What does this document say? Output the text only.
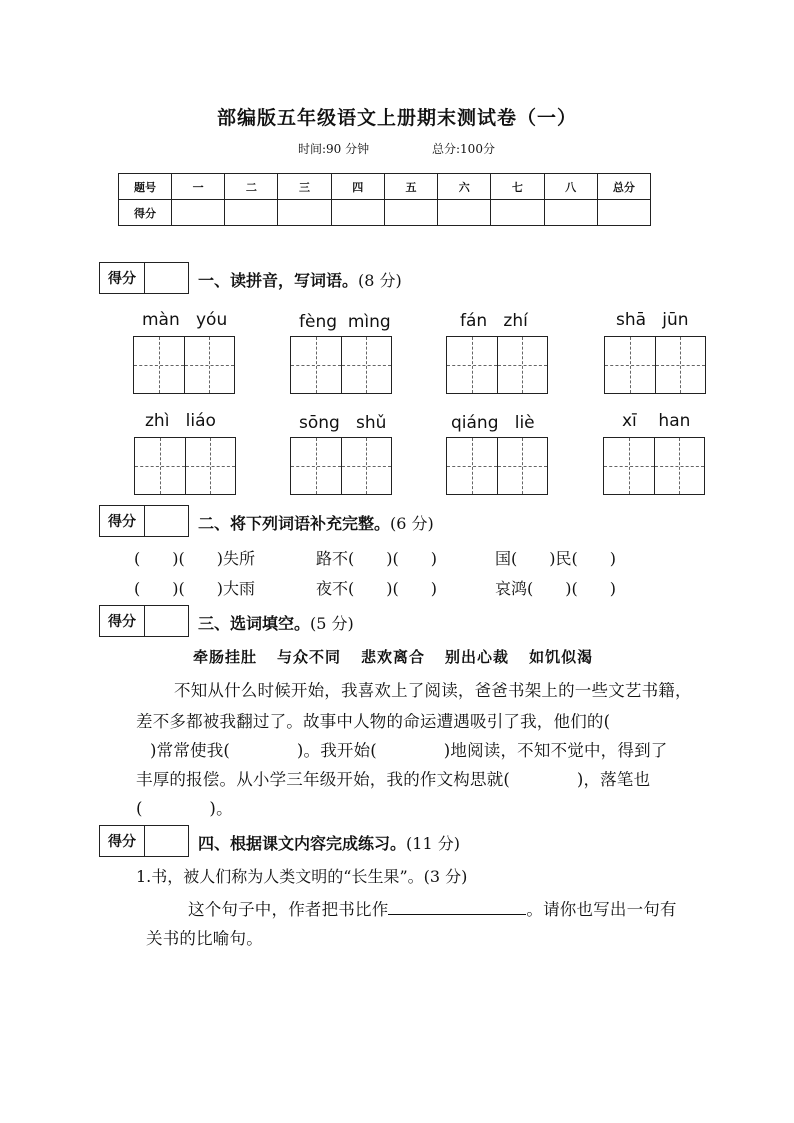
部编版五年级语文上册期末测试卷（一）
时间:90 分钟	总分:100分
题号	一	二	三	四	五	六	七	八	总分
得分									
得分	一、读拼音，写词语。(8 分)
màn yóu	fèng mìng	fán zhí	shā jūn
zhì liáo	sōng shǔ	qiáng liè	xī han
得分	二、将下列词语补充完整。(6 分)
(　　)(　　)失所	路不(　　)(　　)	国(　　)民(　　)
(　　)(　　)大雨	夜不(　　)(　　)	哀鸿(　　)(　　)
得分	三、选词填空。(5 分)
牵肠挂肚 与众不同 悲欢离合 别出心裁 如饥似渴
不知从什么时候开始，我喜欢上了阅读，爸爸书架上的一些文艺书籍，
差不多都被我翻过了。故事中人物的命运遭遇吸引了我，他们的(
)常常使我(　　　　)。我开始(　　　　)地阅读，不知不觉中，得到了
丰厚的报偿。从小学三年级开始，我的作文构思就(　　　　)，落笔也
(　　　　)。
得分	四、根据课文内容完成练习。(11 分)
1.书，被人们称为人类文明的“长生果”。(3 分)
这个句子中，作者把书比作	。请你也写出一句有
关书的比喻句。
